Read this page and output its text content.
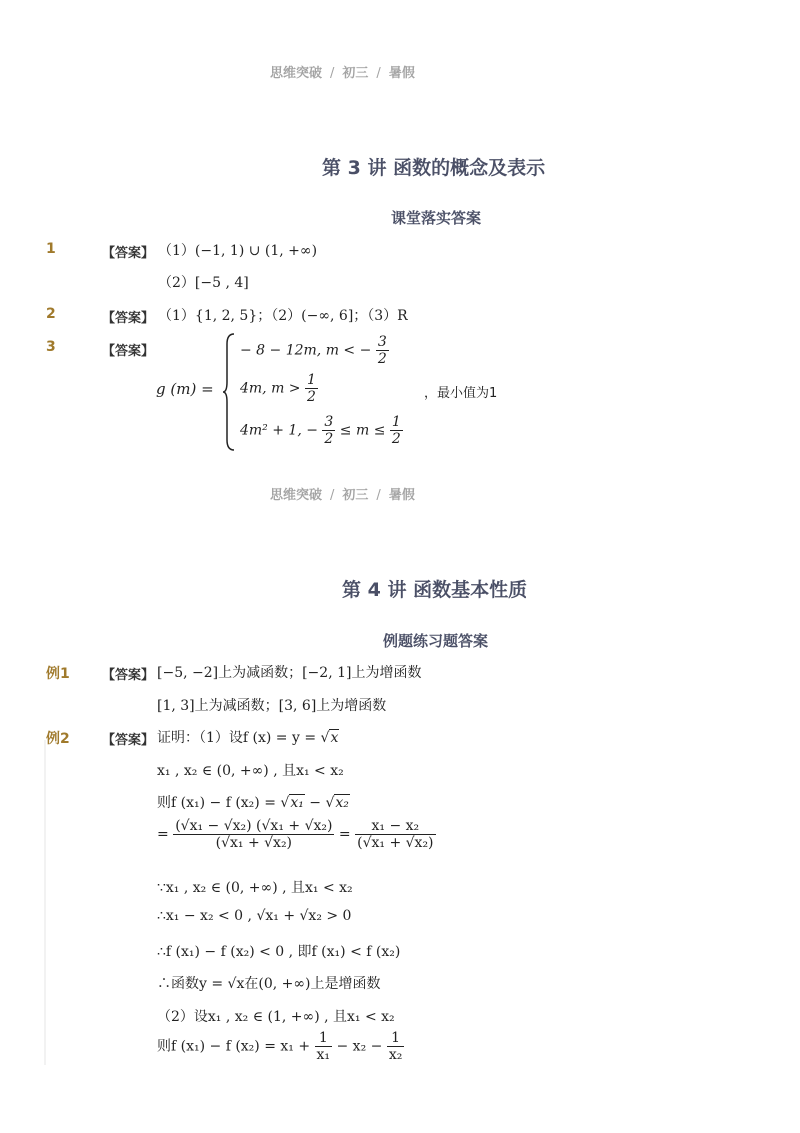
思维突破 / 初三 / 暑假
第 3 讲 函数的概念及表示
课堂落实答案
1	【答案】 （1）(−1, 1) ∪ (1, +∞)
（2）[−5 , 4]
2	【答案】 （1）{1, 2, 5}；（2）(−∞, 6]；（3）R
3	【答案】
g (m) =
− 8 − 12m, m < − $\frac{3}{2}$
4m, $m > \frac{1}{2}$
4m² + 1, − $\frac{3}{2} \le m \le \frac{1}{2}$
，最小值为1
思维突破 / 初三 / 暑假
第 4 讲 函数基本性质
例题练习题答案
例1 【答案】 [−5, −2]上为减函数；[−2, 1]上为增函数
[1, 3]上为减函数；[3, 6]上为增函数
例2 【答案】 证明：（1）设f (x) = y = √x
x₁ , x₂ ∈ (0, +∞) , 且x₁ < x₂
则f (x₁) − f (x₂) = √x₁ − √x₂
= $\frac{\text{(√x₁ − √x₂) (√x₁ + √x₂)}}{\text{(√x₁ + √x₂)}} = \frac{\text{x₁ − x₂}}{\text{(√x₁ + √x₂)}}$
∵x₁ , x₂ ∈ (0, +∞) , 且x₁ < x₂
∴x₁ − x₂ < 0 , √x₁ + √x₂ > 0
∴f (x₁) − f (x₂) < 0 , 即f (x₁) < f (x₂)
∴函数y = √x在(0, +∞)上是增函数
（2）设x₁ , x₂ ∈ (1, +∞) , 且x₁ < x₂
则f (x₁) − f $(x_2) = x_1 + \frac{1}{\text{x₁}} - x_2 - \frac{1}{\text{x₂}}$
